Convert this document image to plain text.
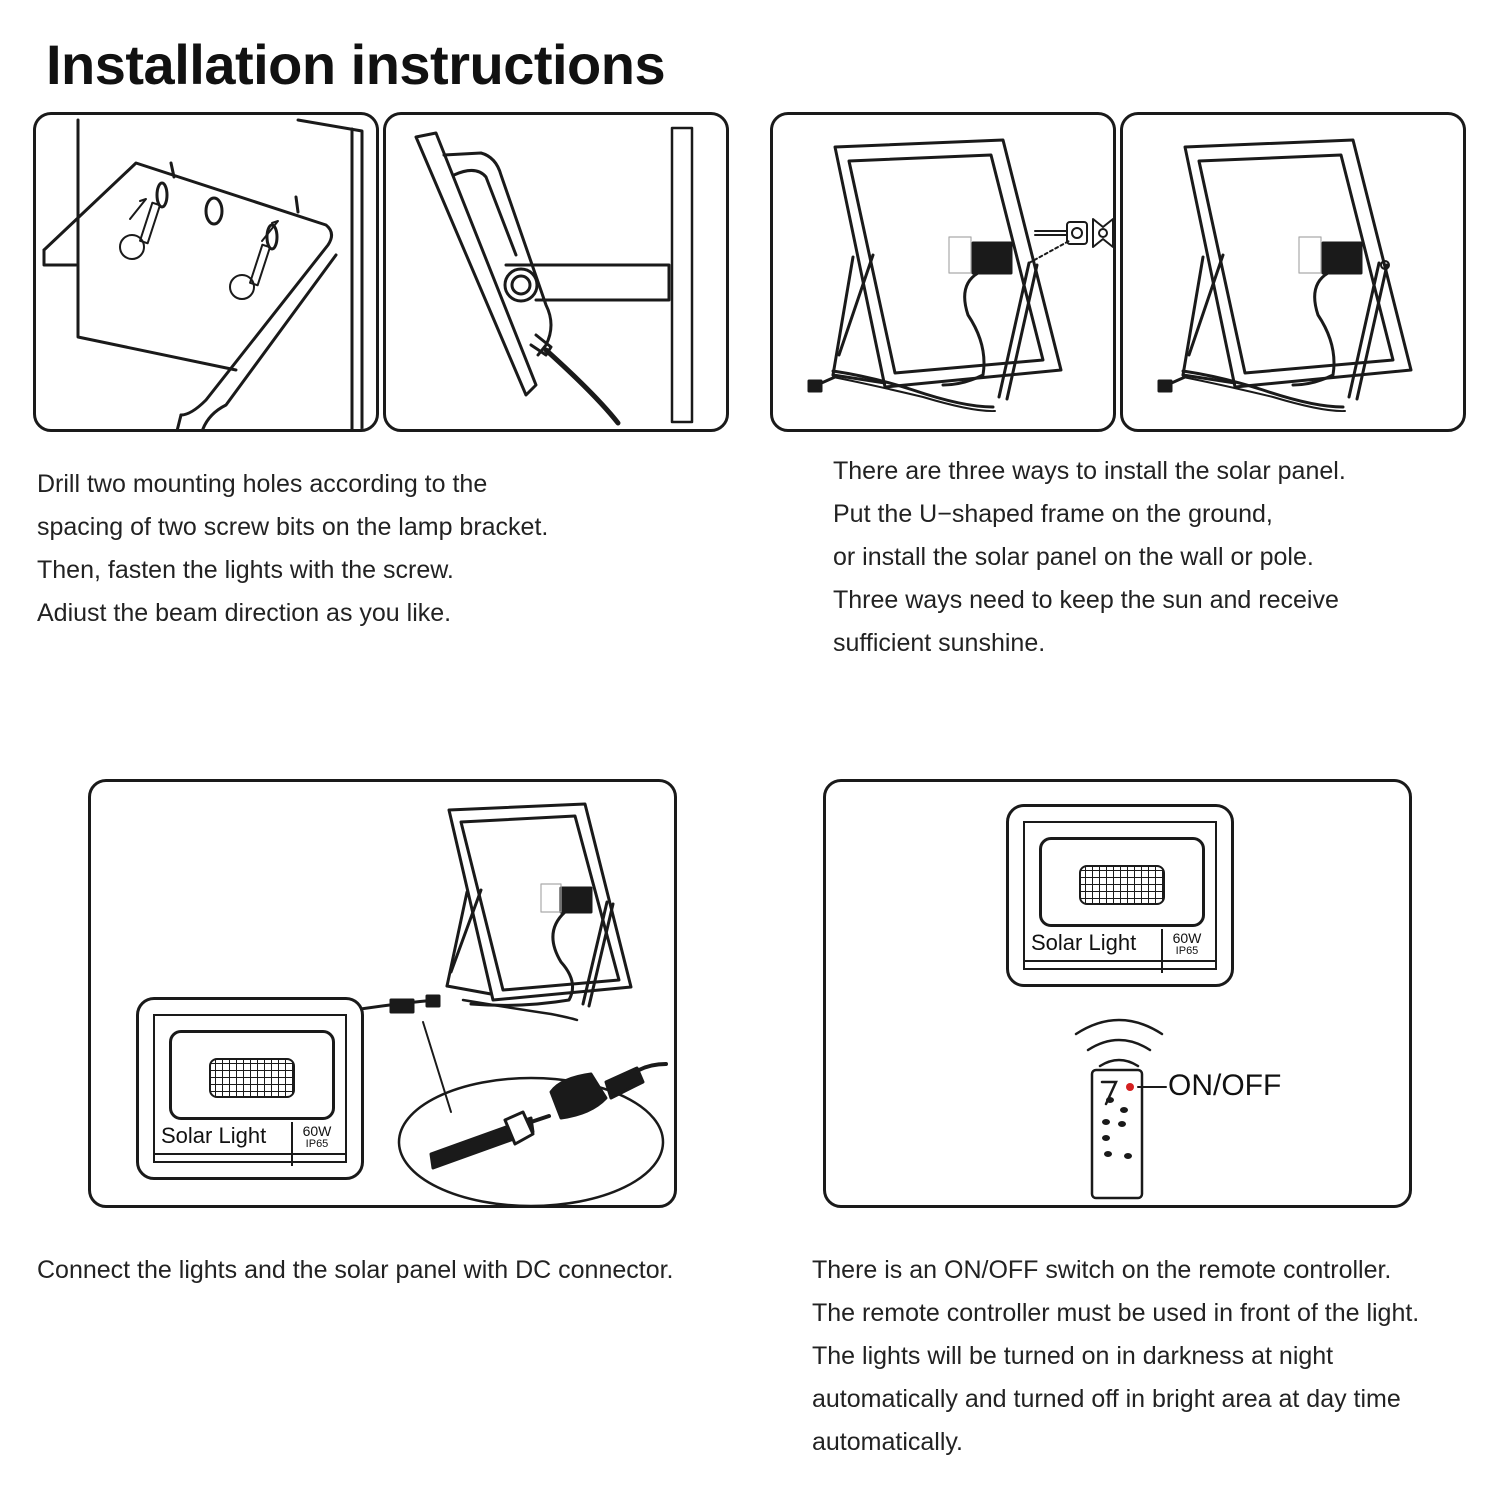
Installation instructions

Drill two mounting holes according to the

spacing of two screw bits on the lamp bracket.

Then, fasten the lights with the screw.

Adiust the beam direction as you like.

There are three ways to install the solar panel.

Put the U−shaped frame on the ground,

or install the solar panel on the wall or pole.

Three ways need to keep the sun and receive

sufficient sunshine.

Solar Light	60W
IP65
Solar Light	60W
IP65
ON/OFF

Connect the lights and the solar panel with DC connector.	There is an ON/OFF switch on the remote controller.

The remote controller must be used in front of the light.

The lights will be turned on in darkness at night

automatically and turned off in bright area at day time

automatically.
